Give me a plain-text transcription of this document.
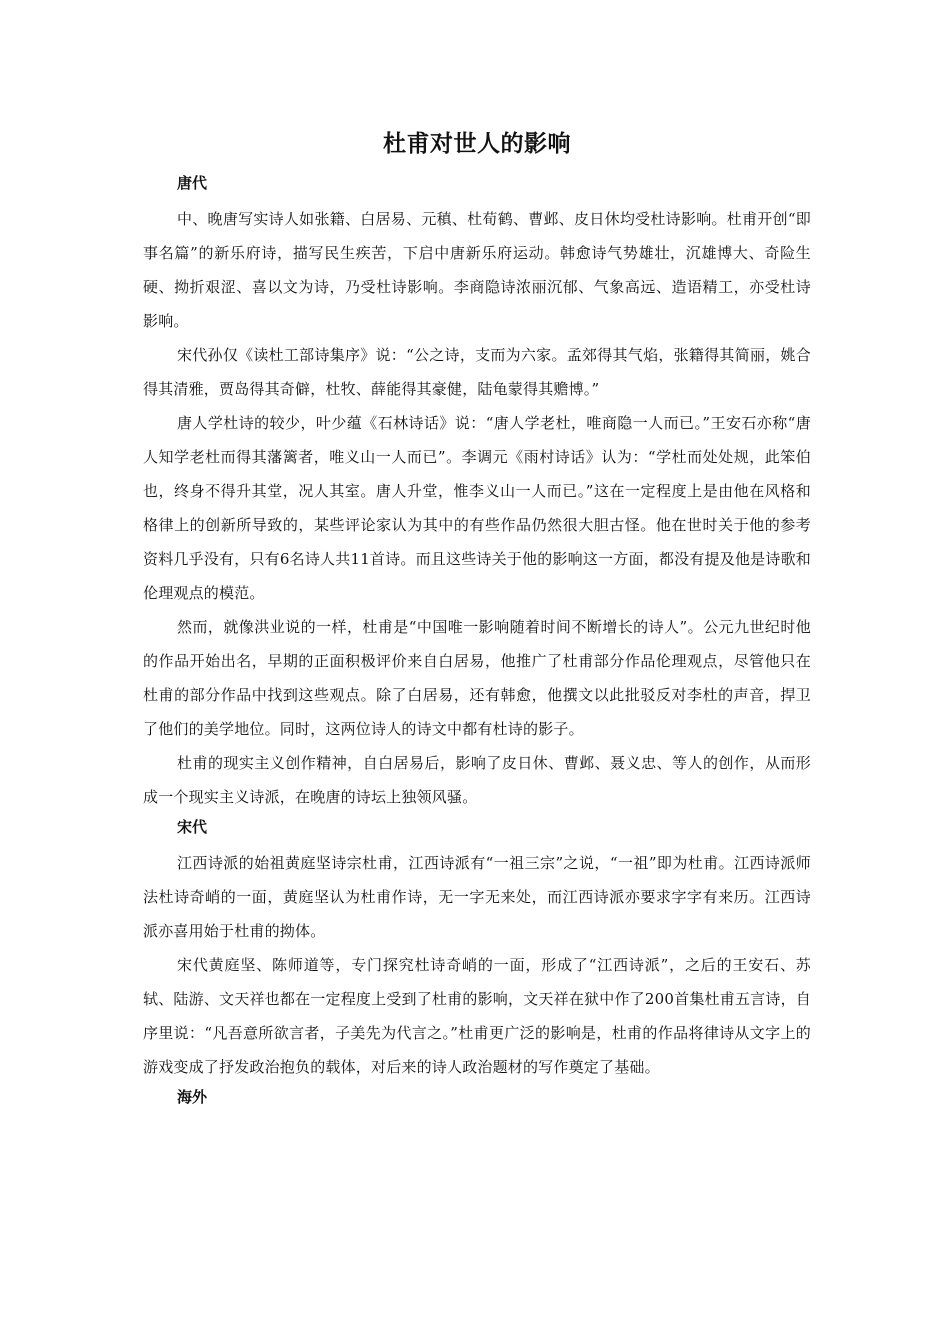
杜甫对世人的影响
唐代

中、晚唐写实诗人如张籍、白居易、元稹、杜荀鹤、曹邺、皮日休均受杜诗影响。杜甫开创“即事名篇”的新乐府诗，描写民生疾苦，下启中唐新乐府运动。韩愈诗气势雄壮，沉雄博大、奇险生硬、拗折艰涩、喜以文为诗，乃受杜诗影响。李商隐诗浓丽沉郁、气象高远、造语精工，亦受杜诗影响。

宋代孙仅《读杜工部诗集序》说：“公之诗，支而为六家。孟郊得其气焰，张籍得其简丽，姚合得其清雅，贾岛得其奇僻，杜牧、薛能得其豪健，陆龟蒙得其赡博。”

唐人学杜诗的较少，叶少蕴《石林诗话》说：“唐人学老杜，唯商隐一人而已。”王安石亦称“唐人知学老杜而得其藩篱者，唯义山一人而已”。李调元《雨村诗话》认为：“学杜而处处规，此笨伯也，终身不得升其堂，况人其室。唐人升堂，惟李义山一人而已。”这在一定程度上是由他在风格和格律上的创新所导致的，某些评论家认为其中的有些作品仍然很大胆古怪。他在世时关于他的参考资料几乎没有，只有6名诗人共11首诗。而且这些诗关于他的影响这一方面，都没有提及他是诗歌和伦理观点的模范。

然而，就像洪业说的一样，杜甫是“中国唯一影响随着时间不断增长的诗人”。公元九世纪时他的作品开始出名，早期的正面积极评价来自白居易，他推广了杜甫部分作品伦理观点，尽管他只在杜甫的部分作品中找到这些观点。除了白居易，还有韩愈，他撰文以此批驳反对李杜的声音，捍卫了他们的美学地位。同时，这两位诗人的诗文中都有杜诗的影子。

杜甫的现实主义创作精神，自白居易后，影响了皮日休、曹邺、聂义忠、等人的创作，从而形成一个现实主义诗派，在晚唐的诗坛上独领风骚。

宋代

江西诗派的始祖黄庭坚诗宗杜甫，江西诗派有“一祖三宗”之说，“一祖”即为杜甫。江西诗派师法杜诗奇峭的一面，黄庭坚认为杜甫作诗，无一字无来处，而江西诗派亦要求字字有来历。江西诗派亦喜用始于杜甫的拗体。

宋代黄庭坚、陈师道等，专门探究杜诗奇峭的一面，形成了“江西诗派”，之后的王安石、苏轼、陆游、文天祥也都在一定程度上受到了杜甫的影响，文天祥在狱中作了200首集杜甫五言诗，自序里说：“凡吾意所欲言者，子美先为代言之。”杜甫更广泛的影响是，杜甫的作品将律诗从文字上的游戏变成了抒发政治抱负的载体，对后来的诗人政治题材的写作奠定了基础。

海外
